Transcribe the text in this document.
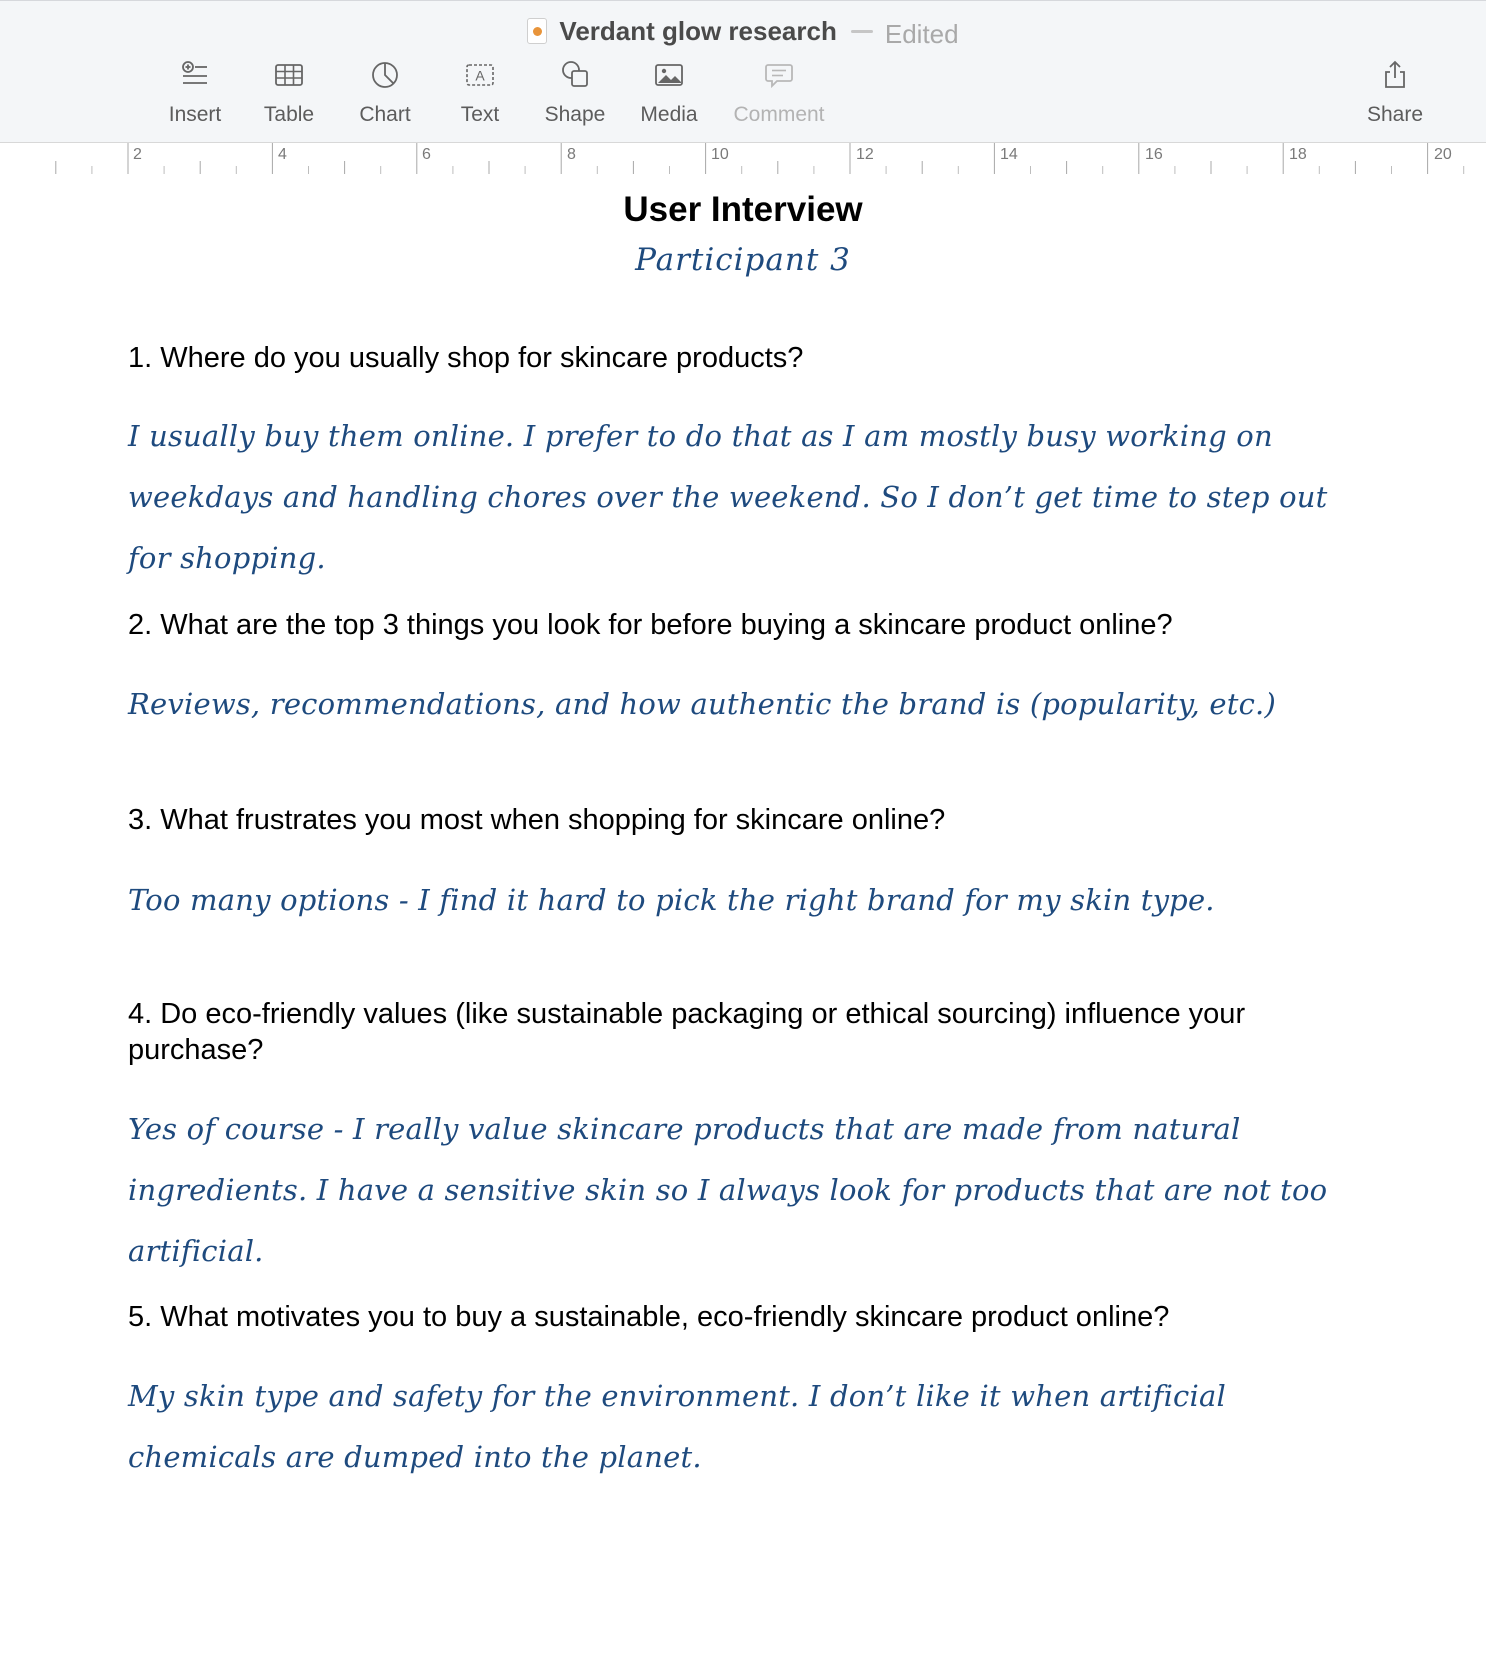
Verdant glow research Edited
Insert	Table	Chart
A
Text	Shape	Media	Comment	Share
2	4	6	8	10	12	14	16	18	20
User Interview
Participant 3
1. Where do you usually shop for skincare products?
I usually buy them online. I prefer to do that as I am mostly busy working on weekdays and handling chores over the weekend. So I don’t get time to step out for shopping.
2. What are the top 3 things you look for before buying a skincare product online?
Reviews, recommendations, and how authentic the brand is (popularity, etc.)
3. What frustrates you most when shopping for skincare online?
Too many options - I find it hard to pick the right brand for my skin type.
4. Do eco-friendly values (like sustainable packaging or ethical sourcing) influence your purchase?
Yes of course - I really value skincare products that are made from natural ingredients. I have a sensitive skin so I always look for products that are not too artificial.
5. What motivates you to buy a sustainable, eco-friendly skincare product online?
My skin type and safety for the environment. I don’t like it when artificial chemicals are dumped into the planet.
